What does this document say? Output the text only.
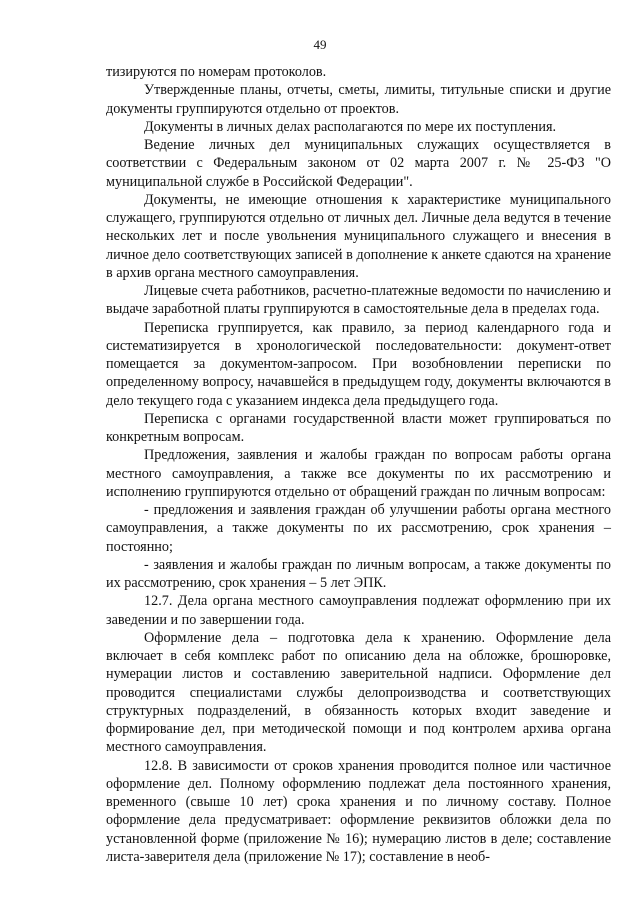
49

тизируются по номерам протоколов.

Утвержденные планы, отчеты, сметы, лимиты, титульные списки и другие документы группируются отдельно от проектов.

Документы в личных делах располагаются по мере их поступления.

Ведение личных дел муниципальных служащих осуществляется в соответствии с Федеральным законом от 02 марта 2007 г. № 25-ФЗ "О муниципальной службе в Российской Федерации".

Документы, не имеющие отношения к характеристике муниципального служащего, группируются отдельно от личных дел. Личные дела ведутся в течение нескольких лет и после увольнения муниципального служащего и внесения в личное дело соответствующих записей в дополнение к анкете сдаются на хранение в архив органа местного самоуправления.

Лицевые счета работников, расчетно-платежные ведомости по начислению и выдаче заработной платы группируются в самостоятельные дела в пределах года.

Переписка группируется, как правило, за период календарного года и систематизируется в хронологической последовательности: документ-ответ помещается за документом-запросом. При возобновлении переписки по определенному вопросу, начавшейся в предыдущем году, документы включаются в дело текущего года с указанием индекса дела предыдущего года.

Переписка с органами государственной власти может группироваться по конкретным вопросам.

Предложения, заявления и жалобы граждан по вопросам работы органа местного самоуправления, а также все документы по их рассмотрению и исполнению группируются отдельно от обращений граждан по личным вопросам:

- предложения и заявления граждан об улучшении работы органа местного самоуправления, а также документы по их рассмотрению, срок хранения – постоянно;

- заявления и жалобы граждан по личным вопросам, а также документы по их рассмотрению, срок хранения – 5 лет ЭПК.

12.7. Дела органа местного самоуправления подлежат оформлению при их заведении и по завершении года.

Оформление дела – подготовка дела к хранению. Оформление дела включает в себя комплекс работ по описанию дела на обложке, брошюровке, нумерации листов и составлению заверительной надписи. Оформление дел проводится специалистами службы делопроизводства и соответствующих структурных подразделений, в обязанность которых входит заведение и формирование дел, при методической помощи и под контролем архива органа местного самоуправления.

12.8. В зависимости от сроков хранения проводится полное или частичное оформление дел. Полному оформлению подлежат дела постоянного хранения, временного (свыше 10 лет) срока хранения и по личному составу. Полное оформление дела предусматривает: оформление реквизитов обложки дела по установленной форме (приложение № 16); нумерацию листов в деле; составление листа-заверителя дела (приложение № 17); составление в необ-
